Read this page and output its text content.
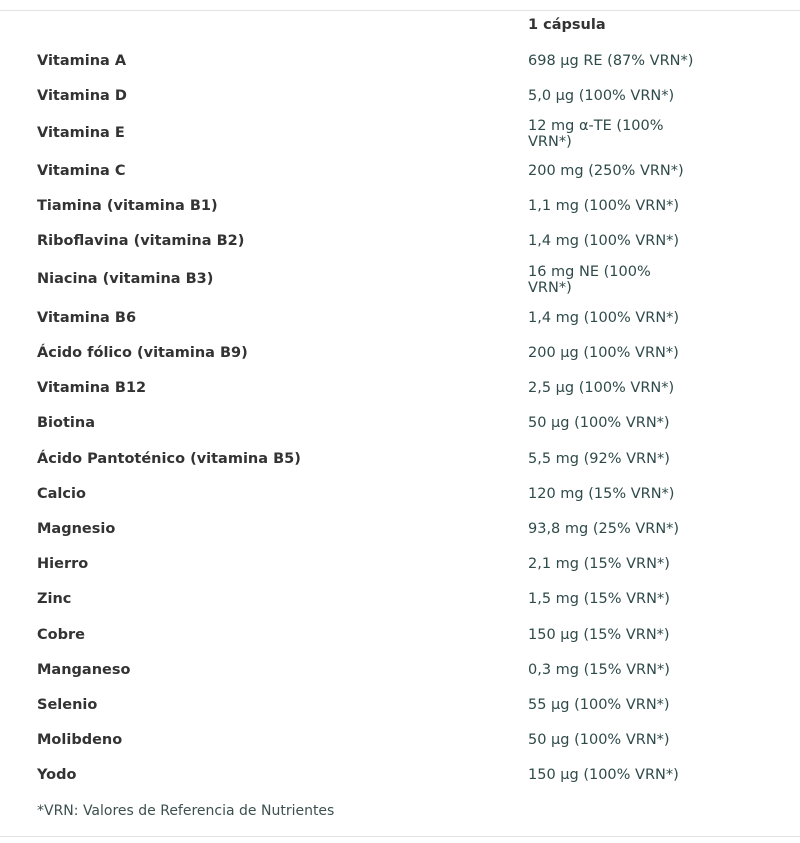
1 cápsula
Vitamina A	698 µg RE (87% VRN*)
Vitamina D	5,0 µg (100% VRN*)
Vitamina E	12 mg α-TE (100% VRN*)
Vitamina C	200 mg (250% VRN*)
Tiamina (vitamina B1)	1,1 mg (100% VRN*)
Riboflavina (vitamina B2)	1,4 mg (100% VRN*)
Niacina (vitamina B3)	16 mg NE (100% VRN*)
Vitamina B6	1,4 mg (100% VRN*)
Ácido fólico (vitamina B9)	200 µg (100% VRN*)
Vitamina B12	2,5 µg (100% VRN*)
Biotina	50 µg (100% VRN*)
Ácido Pantoténico (vitamina B5)	5,5 mg (92% VRN*)
Calcio	120 mg (15% VRN*)
Magnesio	93,8 mg (25% VRN*)
Hierro	2,1 mg (15% VRN*)
Zinc	1,5 mg (15% VRN*)
Cobre	150 µg (15% VRN*)
Manganeso	0,3 mg (15% VRN*)
Selenio	55 µg (100% VRN*)
Molibdeno	50 µg (100% VRN*)
Yodo	150 µg (100% VRN*)
*VRN: Valores de Referencia de Nutrientes
